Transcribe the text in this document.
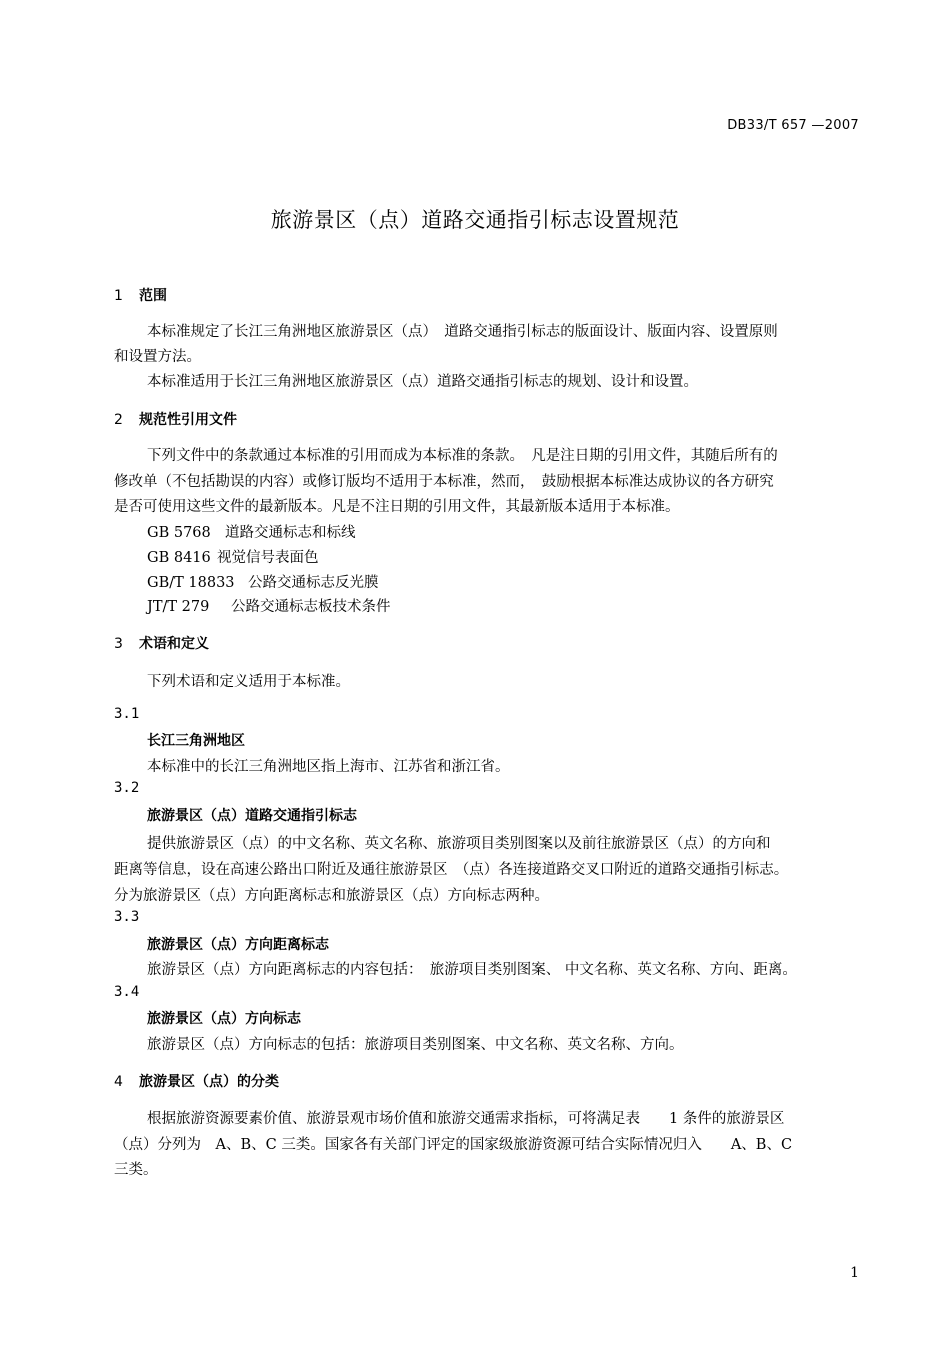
DB33/T 657 —2007
旅游景区（点）道路交通指引标志设置规范
1 范围
本标准规定了长江三角洲地区旅游景区（点）　道路交通指引标志的版面设计、版面内容、设置原则
和设置方法。
本标准适用于长江三角洲地区旅游景区（点）道路交通指引标志的规划、设计和设置。
2 规范性引用文件
下列文件中的条款通过本标准的引用而成为本标准的条款。　凡是注日期的引用文件，其随后所有的
修改单（不包括勘误的内容）或修订版均不适用于本标准，然而，　鼓励根据本标准达成协议的各方研究
是否可使用这些文件的最新版本。凡是不注日期的引用文件，其最新版本适用于本标准。
GB 5768 道路交通标志和标线
GB 8416 视觉信号表面色
GB/T 18833 公路交通标志反光膜
JT/T 279 公路交通标志板技术条件
3 术语和定义
下列术语和定义适用于本标准。
3.1
长江三角洲地区
本标准中的长江三角洲地区指上海市、江苏省和浙江省。
3.2
旅游景区（点）道路交通指引标志
提供旅游景区（点）的中文名称、英文名称、旅游项目类别图案以及前往旅游景区（点）的方向和
距离等信息，设在高速公路出口附近及通往旅游景区　（点）各连接道路交叉口附近的道路交通指引标志。
分为旅游景区（点）方向距离标志和旅游景区（点）方向标志两种。
3.3
旅游景区（点）方向距离标志
旅游景区（点）方向距离标志的内容包括：　旅游项目类别图案、 中文名称、英文名称、方向、距离。
3.4
旅游景区（点）方向标志
旅游景区（点）方向标志的包括：旅游项目类别图案、中文名称、英文名称、方向。
4 旅游景区（点）的分类
根据旅游资源要素价值、旅游景观市场价值和旅游交通需求指标，可将满足表　　1 条件的旅游景区
（点）分列为　A、B、C 三类。国家各有关部门评定的国家级旅游资源可结合实际情况归入　　A、B、C
三类。
1
